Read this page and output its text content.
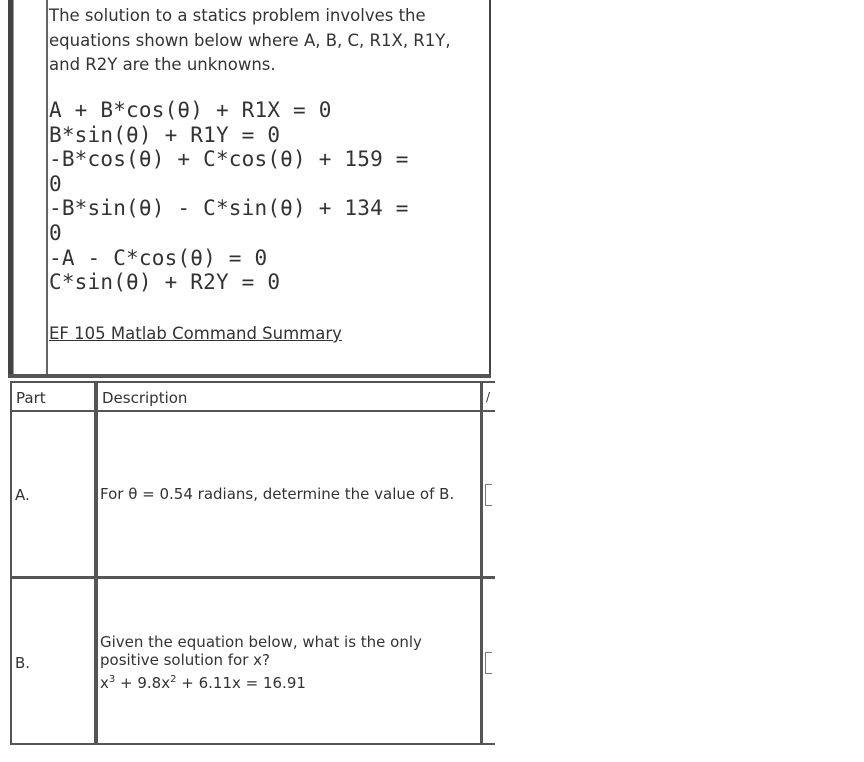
The solution to a statics problem involves the equations shown below where A, B, C, R1X, R1Y, and R2Y are the unknowns.
A + B*cos(θ) + R1X = 0
B*sin(θ) + R1Y = 0
-B*cos(θ) + C*cos(θ) + 159 =
0
-B*sin(θ) - C*sin(θ) + 134 =
0
-A - C*cos(θ) = 0
C*sin(θ) + R2Y = 0
EF 105 Matlab Command Summary
Part	Description	/
A.
B.
For θ = 0.54 radians, determine the value of B.
Given the equation below, what is the only positive solution for x?
$x^3 + 9.8x^2 + 6.11x = 16.91$
